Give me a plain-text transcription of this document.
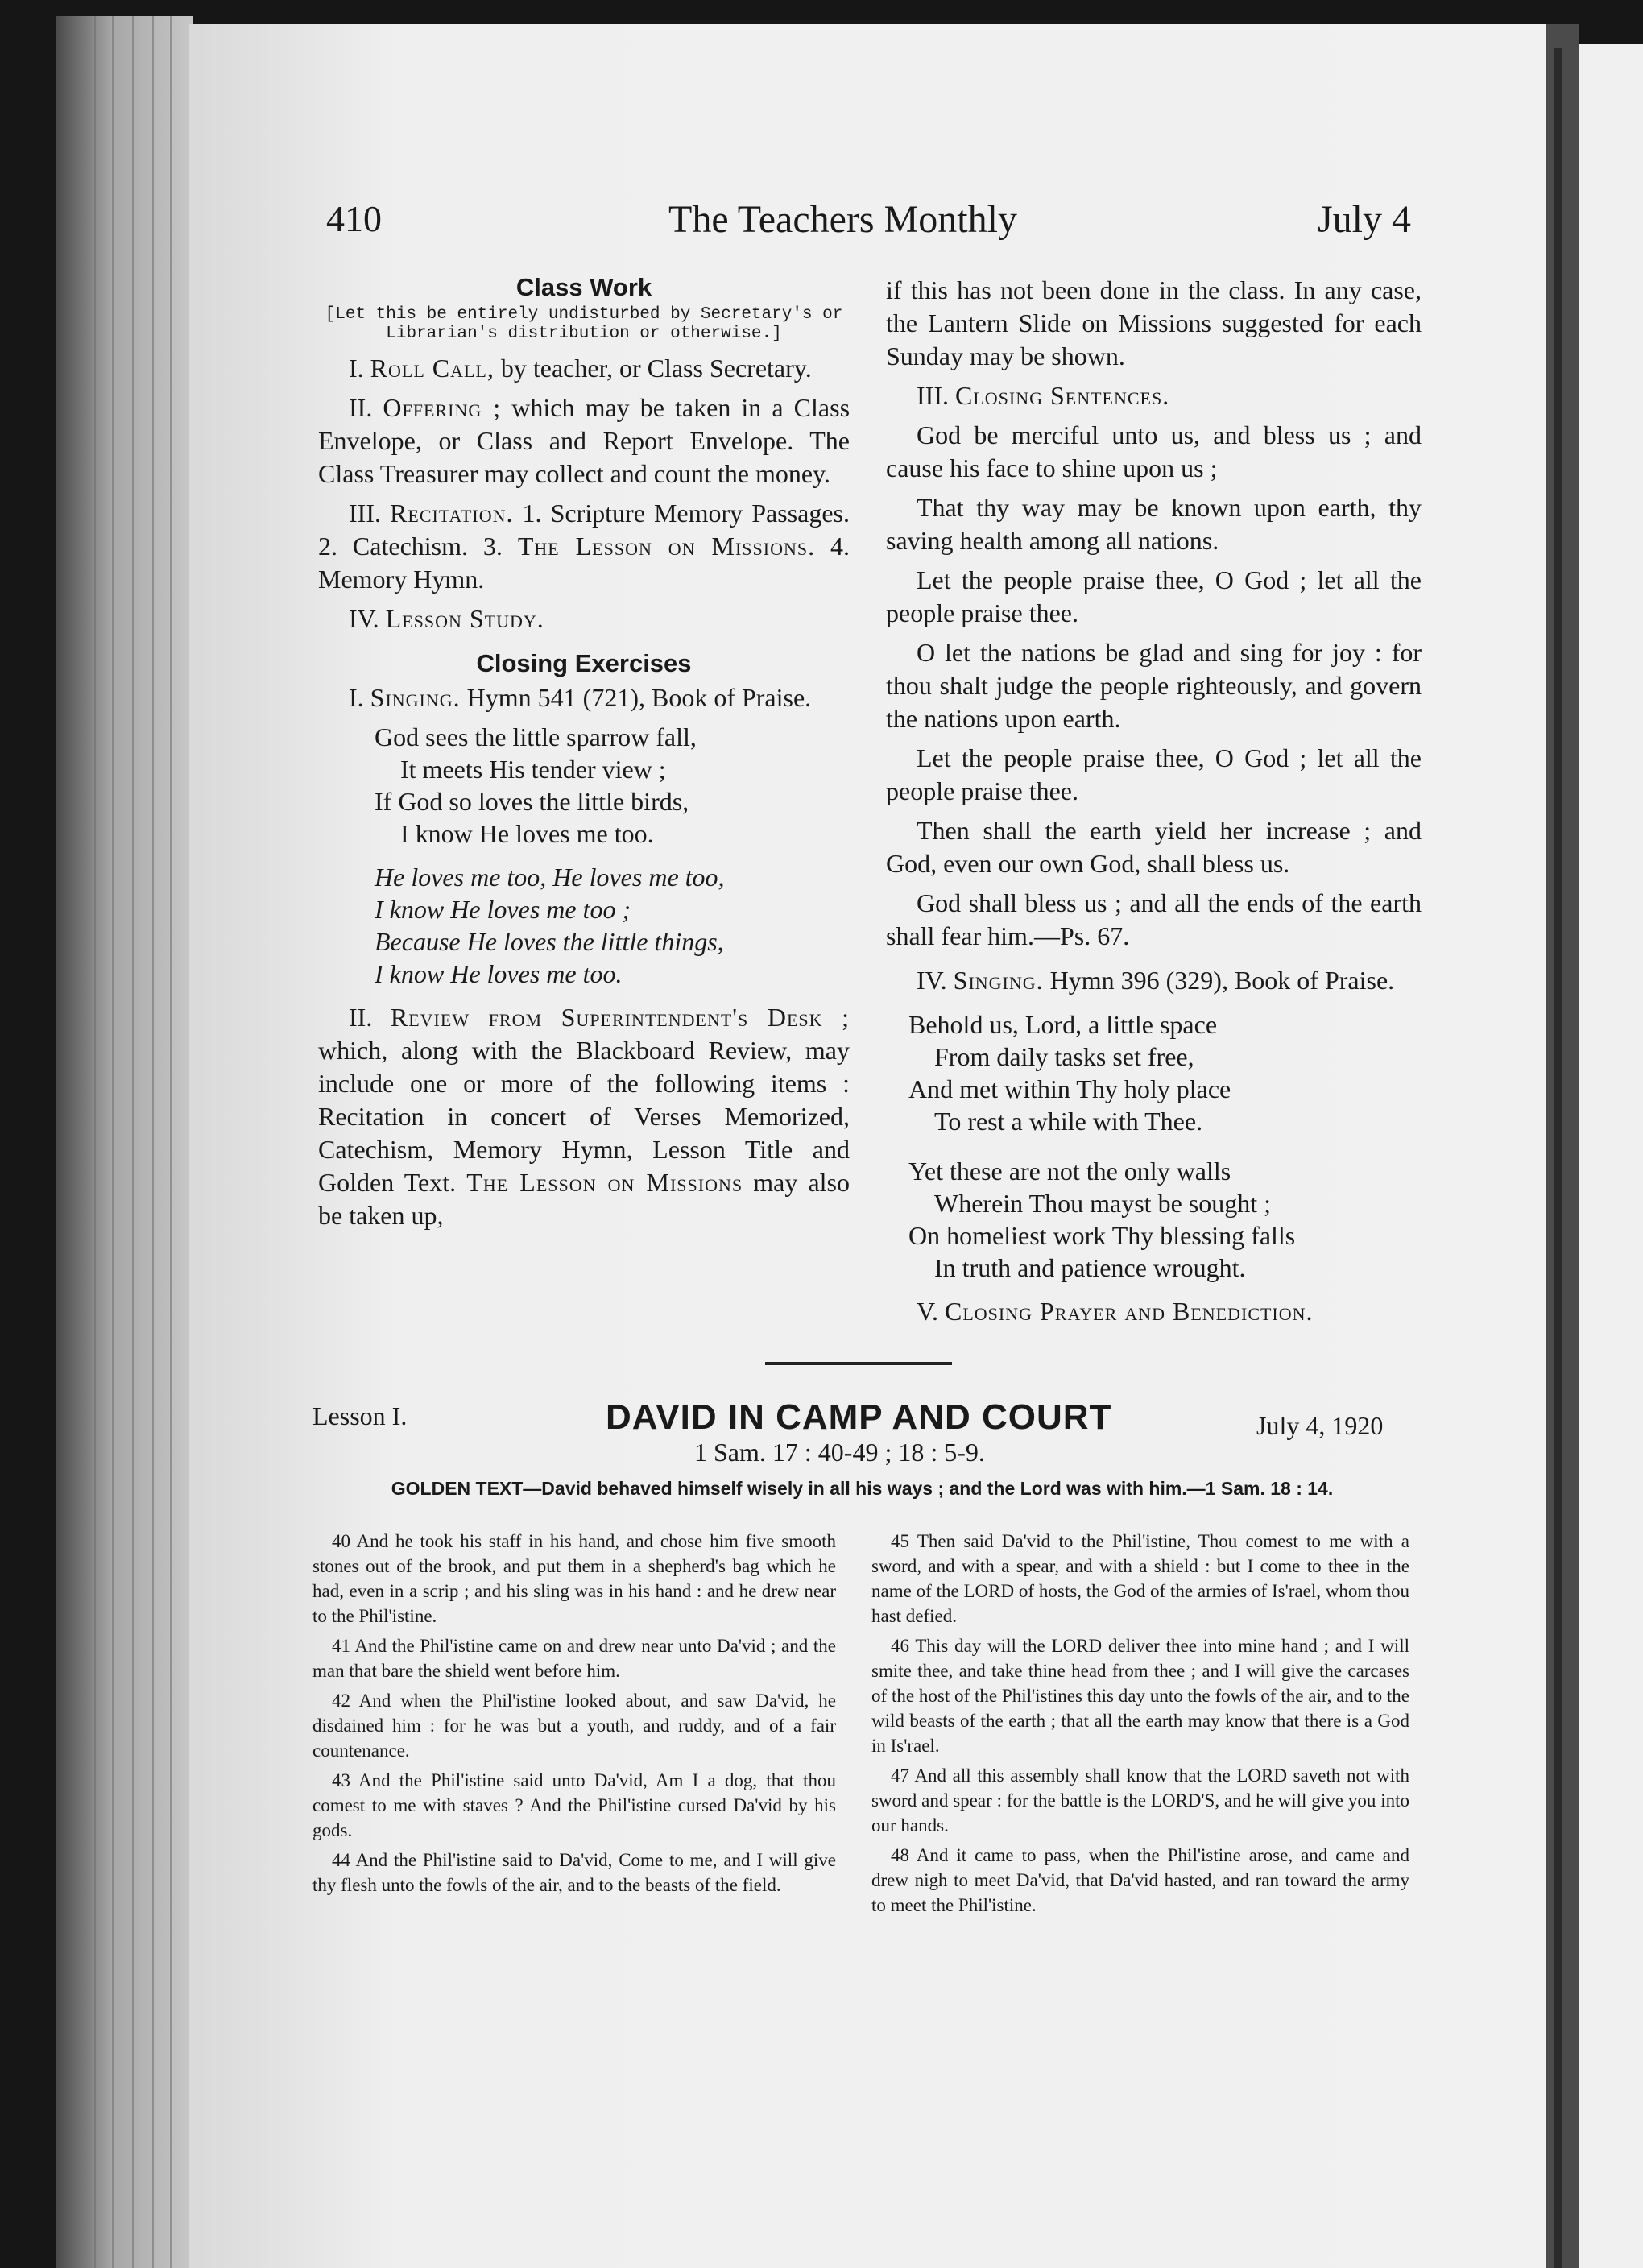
410	The Teachers Monthly	July 4
Class Work
[Let this be entirely undisturbed by Secretary's or Librarian's distribution or otherwise.]

I. Roll Call, by teacher, or Class Secretary.

II. Offering ; which may be taken in a Class Envelope, or Class and Report Envelope. The Class Treasurer may collect and count the money.

III. Recitation. 1. Scripture Memory Passages. 2. Catechism. 3. The Lesson on Missions. 4. Memory Hymn.

IV. Lesson Study.

Closing Exercises

I. Singing. Hymn 541 (721), Book of Praise.

God sees the little sparrow fall,
It meets His tender view ;
If God so loves the little birds,
I know He loves me too.
He loves me too, He loves me too,
I know He loves me too ;
Because He loves the little things,
I know He loves me too.

II. Review from Superintendent's Desk ; which, along with the Blackboard Review, may include one or more of the following items : Recitation in concert of Verses Memorized, Catechism, Memory Hymn, Lesson Title and Golden Text. The Lesson on Missions may also be taken up,

if this has not been done in the class. In any case, the Lantern Slide on Missions suggested for each Sunday may be shown.

III. Closing Sentences.

God be merciful unto us, and bless us ; and cause his face to shine upon us ;

That thy way may be known upon earth, thy saving health among all nations.

Let the people praise thee, O God ; let all the people praise thee.

O let the nations be glad and sing for joy : for thou shalt judge the people righteously, and govern the nations upon earth.

Let the people praise thee, O God ; let all the people praise thee.

Then shall the earth yield her increase ; and God, even our own God, shall bless us.

God shall bless us ; and all the ends of the earth shall fear him.—Ps. 67.

IV. Singing. Hymn 396 (329), Book of Praise.

Behold us, Lord, a little space
From daily tasks set free,
And met within Thy holy place
To rest a while with Thee.
Yet these are not the only walls
Wherein Thou mayst be sought ;
On homeliest work Thy blessing falls
In truth and patience wrought.

V. Closing Prayer and Benediction.

Lesson I.	DAVID IN CAMP AND COURT	July 4, 1920
1 Sam. 17 : 40-49 ; 18 : 5-9.
GOLDEN TEXT—David behaved himself wisely in all his ways ; and the Lord was with him.—1 Sam. 18 : 14.

40 And he took his staff in his hand, and chose him five smooth stones out of the brook, and put them in a shepherd's bag which he had, even in a scrip ; and his sling was in his hand : and he drew near to the Phil'istine.

41 And the Phil'istine came on and drew near unto Da'vid ; and the man that bare the shield went before him.

42 And when the Phil'istine looked about, and saw Da'vid, he disdained him : for he was but a youth, and ruddy, and of a fair countenance.

43 And the Phil'istine said unto Da'vid, Am I a dog, that thou comest to me with staves ? And the Phil'istine cursed Da'vid by his gods.

44 And the Phil'istine said to Da'vid, Come to me, and I will give thy flesh unto the fowls of the air, and to the beasts of the field.

45 Then said Da'vid to the Phil'istine, Thou comest to me with a sword, and with a spear, and with a shield : but I come to thee in the name of the LORD of hosts, the God of the armies of Is'rael, whom thou hast defied.

46 This day will the LORD deliver thee into mine hand ; and I will smite thee, and take thine head from thee ; and I will give the carcases of the host of the Phil'istines this day unto the fowls of the air, and to the wild beasts of the earth ; that all the earth may know that there is a God in Is'rael.

47 And all this assembly shall know that the LORD saveth not with sword and spear : for the battle is the LORD'S, and he will give you into our hands.

48 And it came to pass, when the Phil'istine arose, and came and drew nigh to meet Da'vid, that Da'vid hasted, and ran toward the army to meet the Phil'istine.
